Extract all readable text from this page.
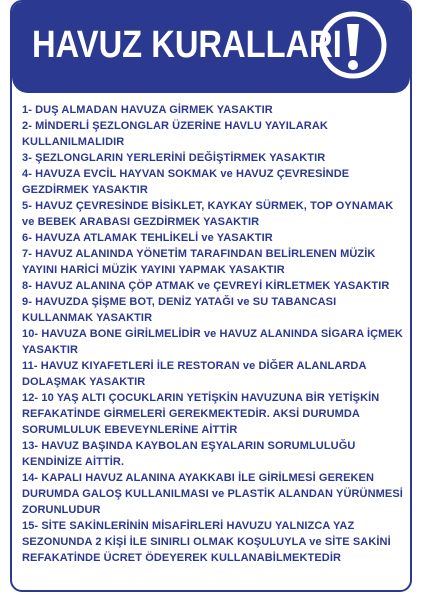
HAVUZ KURALLARI
1- DUŞ ALMADAN HAVUZA GİRMEK YASAKTIR
2- MİNDERLİ ŞEZLONGLAR ÜZERİNE HAVLU YAYILARAK KULLANILMALIDIR
3- ŞEZLONGLARIN YERLERİNİ DEĞİŞTİRMEK YASAKTIR
4- HAVUZA EVCİL HAYVAN SOKMAK ve HAVUZ ÇEVRESİNDE GEZDİRMEK YASAKTIR
5- HAVUZ ÇEVRESİNDE BİSİKLET, KAYKAY SÜRMEK, TOP OYNAMAK ve BEBEK ARABASI GEZDİRMEK YASAKTIR
6- HAVUZA ATLAMAK TEHLİKELİ ve YASAKTIR
7- HAVUZ ALANINDA YÖNETİM TARAFINDAN BELİRLENEN MÜZİK YAYINI HARİCİ MÜZİK YAYINI YAPMAK YASAKTIR
8- HAVUZ ALANINA ÇÖP ATMAK ve ÇEVREYİ KİRLETMEK YASAKTIR
9- HAVUZDA ŞİŞME BOT, DENİZ YATAĞI ve SU TABANCASI KULLANMAK YASAKTIR
10- HAVUZA BONE GİRİLMELİDİR ve HAVUZ ALANINDA SİGARA İÇMEK YASAKTIR
11- HAVUZ KIYAFETLERİ İLE RESTORAN ve DİĞER ALANLARDA DOLAŞMAK YASAKTIR
12- 10 YAŞ ALTI ÇOCUKLARIN YETİŞKİN HAVUZUNA BİR YETİŞKİN REFAKATİNDE GİRMELERİ GEREKMEKTEDİR. AKSİ DURUMDA SORUMLULUK EBEVEYNLERİNE AİTTİR
13- HAVUZ BAŞINDA KAYBOLAN EŞYALARIN SORUMLULUĞU KENDİNİZE AİTTİR.
14- KAPALI HAVUZ ALANINA AYAKKABI İLE GİRİLMESİ GEREKEN DURUMDA GALOŞ KULLANILMASI ve PLASTİK ALANDAN YÜRÜNMESİ ZORUNLUDUR
15- SİTE SAKİNLERİNİN MİSAFİRLERİ HAVUZU YALNIZCA YAZ SEZONUNDA 2 KİŞİ İLE SINIRLI OLMAK KOŞULUYLA ve SİTE SAKİNİ REFAKATİNDE ÜCRET ÖDEYEREK KULLANABİLMEKTEDİR
